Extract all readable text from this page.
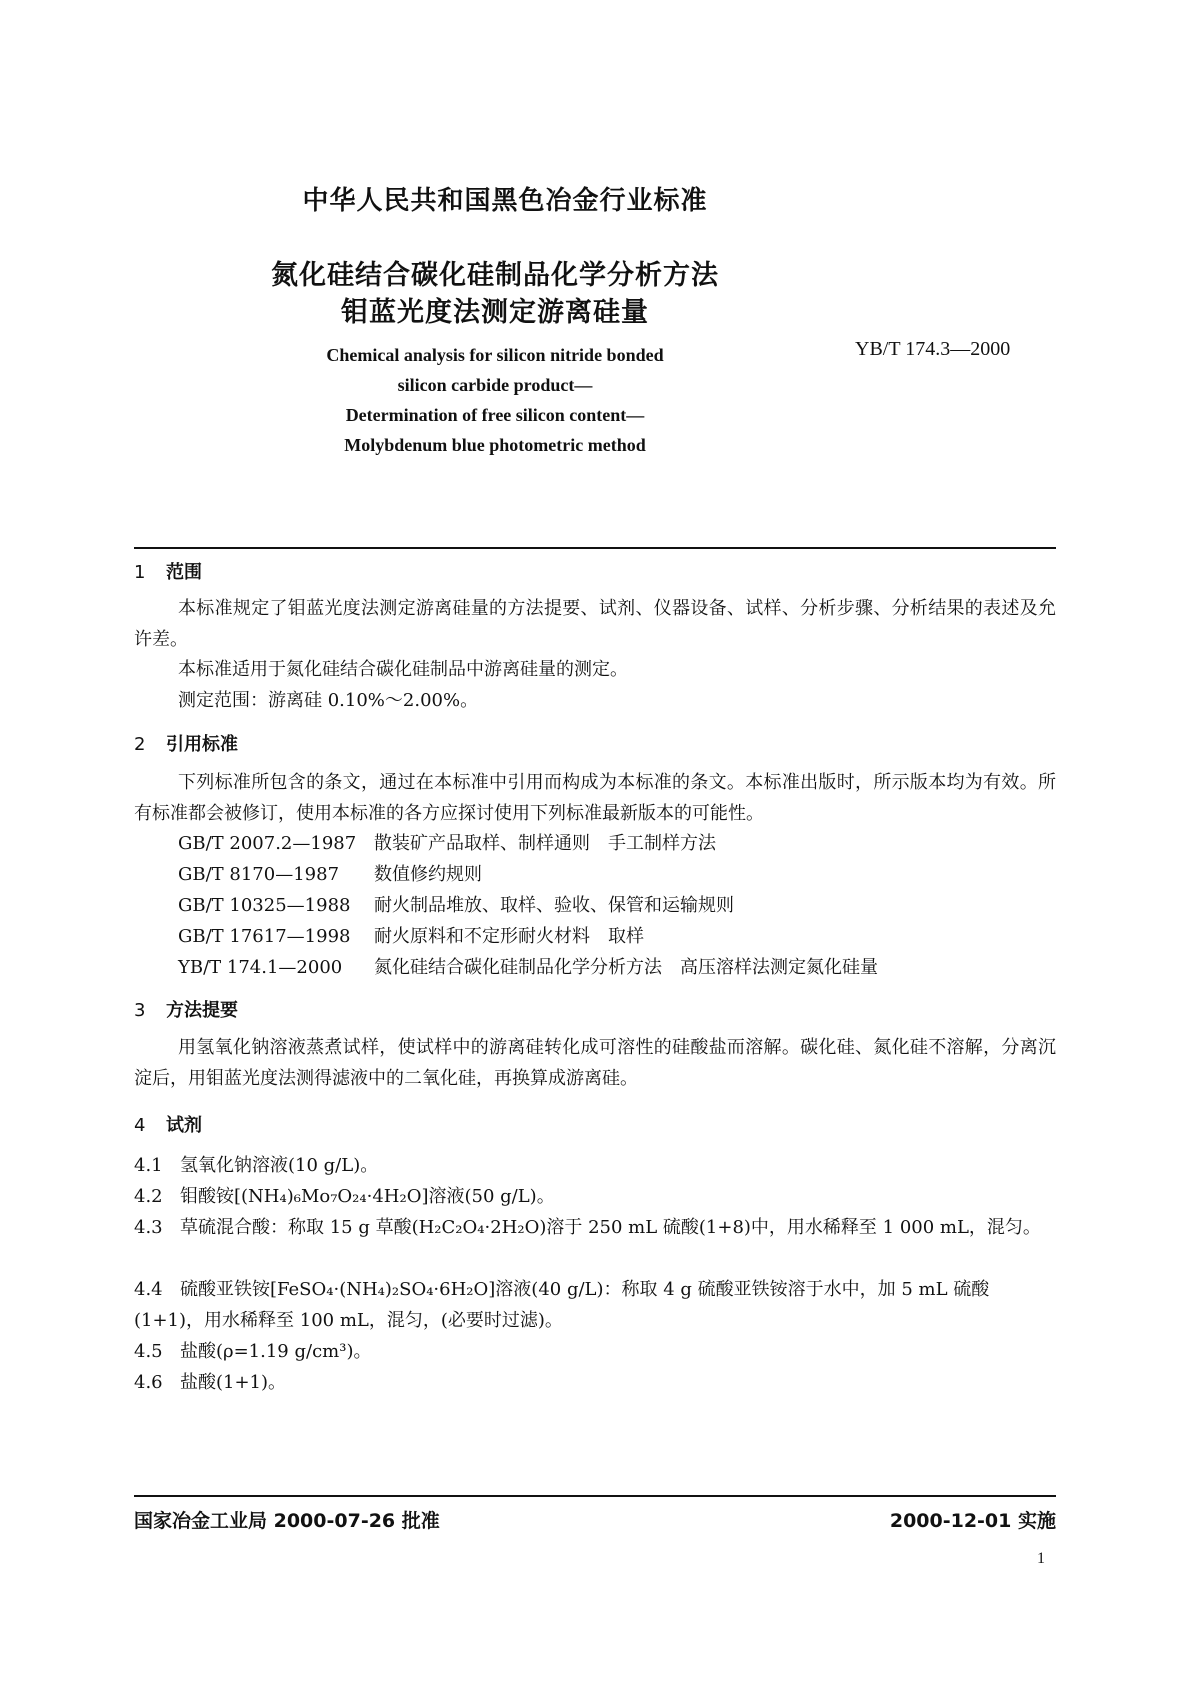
中华人民共和国黑色冶金行业标准
氮化硅结合碳化硅制品化学分析方法
钼蓝光度法测定游离硅量
YB/T 174.3—2000
Chemical analysis for silicon nitride bonded
silicon carbide product—
Determination of free silicon content—
Molybdenum blue photometric method
1 范围
本标准规定了钼蓝光度法测定游离硅量的方法提要、试剂、仪器设备、试样、分析步骤、分析结果的表述及允许差。
本标准适用于氮化硅结合碳化硅制品中游离硅量的测定。
测定范围：游离硅 0.10%～2.00%。
2 引用标准
下列标准所包含的条文，通过在本标准中引用而构成为本标准的条文。本标准出版时，所示版本均为有效。所有标准都会被修订，使用本标准的各方应探讨使用下列标准最新版本的可能性。
GB/T 2007.2—1987 散装矿产品取样、制样通则　手工制样方法
GB/T 8170—1987 数值修约规则
GB/T 10325—1988 耐火制品堆放、取样、验收、保管和运输规则
GB/T 17617—1998 耐火原料和不定形耐火材料　取样
YB/T 174.1—2000 氮化硅结合碳化硅制品化学分析方法　高压溶样法测定氮化硅量
3 方法提要
用氢氧化钠溶液蒸煮试样，使试样中的游离硅转化成可溶性的硅酸盐而溶解。碳化硅、氮化硅不溶解，分离沉淀后，用钼蓝光度法测得滤液中的二氧化硅，再换算成游离硅。
4 试剂
4.1 氢氧化钠溶液(10 g/L)。
4.2 钼酸铵[(NH₄)₆Mo₇O₂₄·4H₂O]溶液(50 g/L)。
4.3 草硫混合酸：称取 15 g 草酸(H₂C₂O₄·2H₂O)溶于 250 mL 硫酸(1+8)中，用水稀释至 1 000 mL，混匀。
4.4 硫酸亚铁铵[FeSO₄·(NH₄)₂SO₄·6H₂O]溶液(40 g/L)：称取 4 g 硫酸亚铁铵溶于水中，加 5 mL 硫酸(1+1)，用水稀释至 100 mL，混匀，(必要时过滤)。
4.5 盐酸(ρ=1.19 g/cm³)。
4.6 盐酸(1+1)。
国家冶金工业局 2000-07-26 批准	2000-12-01 实施
1
